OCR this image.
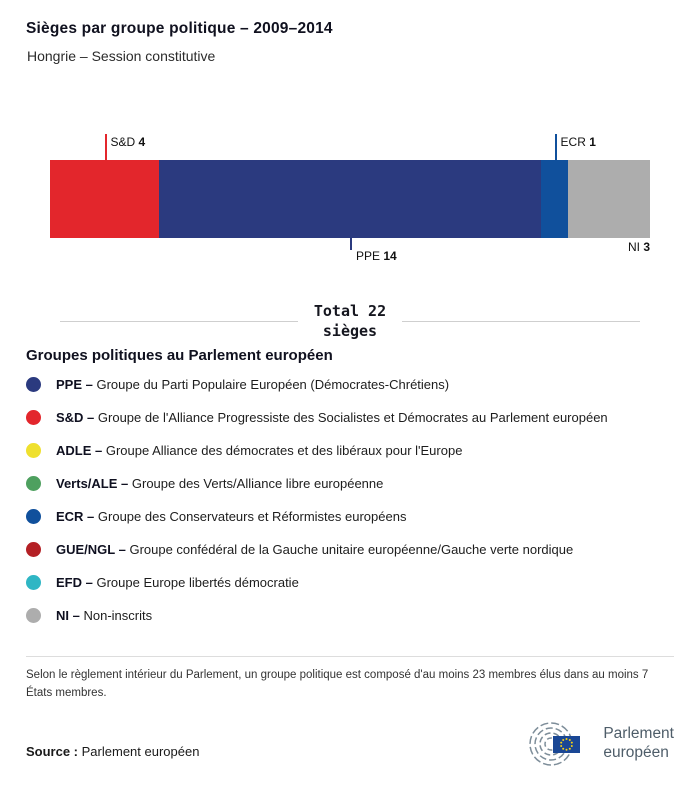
Sièges par groupe politique – 2009–2014
Hongrie – Session constitutive
S&D 4	ECR 1
PPE 14
NI 3
Total 22
sièges
Groupes politiques au Parlement européen
PPE – Groupe du Parti Populaire Européen (Démocrates-Chrétiens)
S&D – Groupe de l'Alliance Progressiste des Socialistes et Démocrates au Parlement européen
ADLE – Groupe Alliance des démocrates et des libéraux pour l'Europe
Verts/ALE – Groupe des Verts/Alliance libre européenne
ECR – Groupe des Conservateurs et Réformistes européens
GUE/NGL – Groupe confédéral de la Gauche unitaire européenne/Gauche verte nordique
EFD – Groupe Europe libertés démocratie
NI – Non-inscrits
Selon le règlement intérieur du Parlement, un groupe politique est composé d'au moins 23 membres élus dans au moins 7 États membres.
Source : Parlement européen
Parlement
européen
